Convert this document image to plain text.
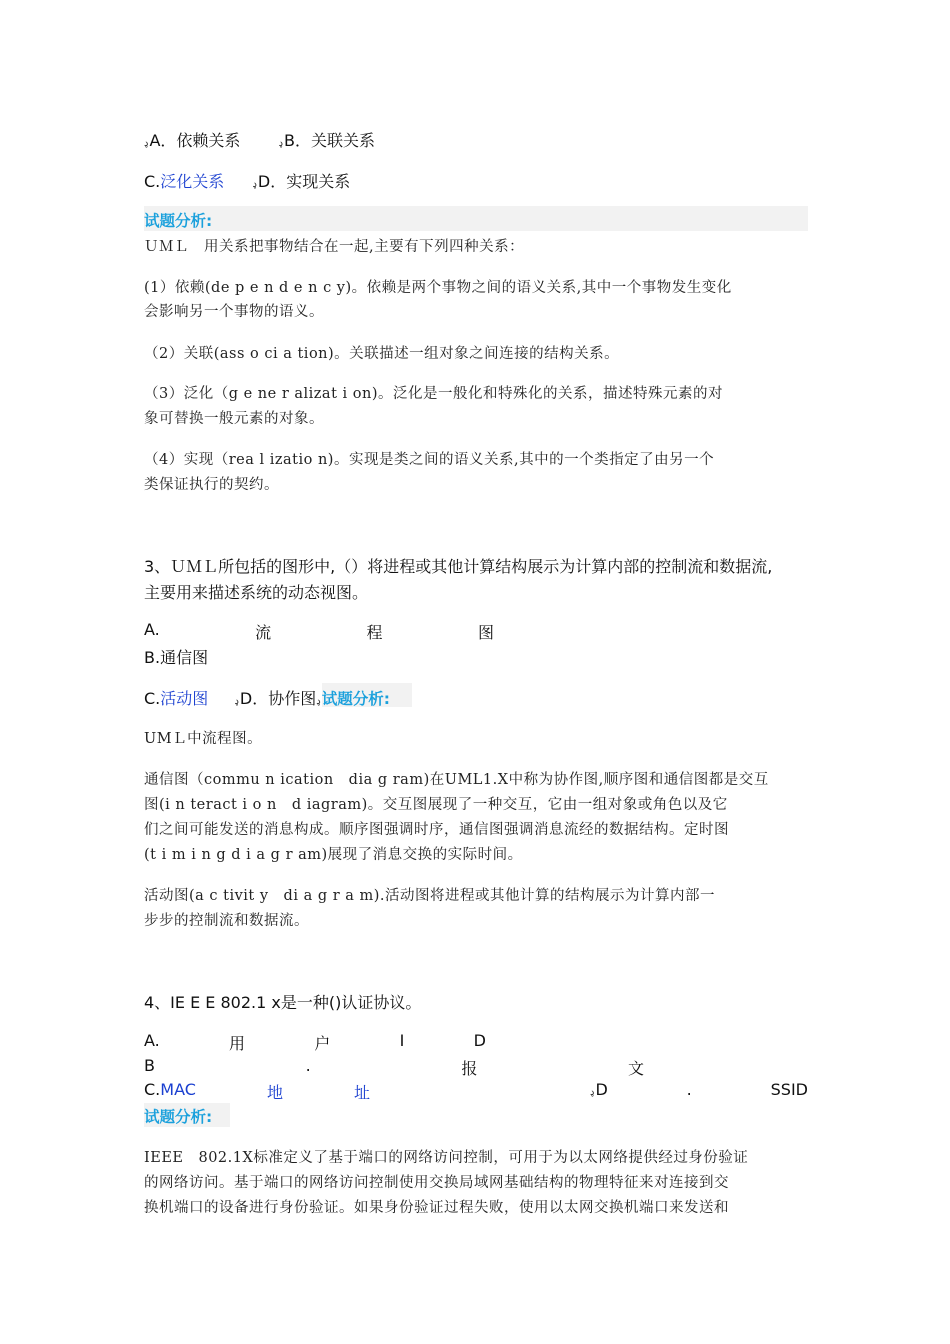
ډA．依赖关系	ډB．关联关系
C.泛化关系	ډD．实现关系
试题分析:
ＵＭＬ　用关系把事物结合在一起,主要有下列四种关系：
(1）依赖(de p e n d e n c y)。依赖是两个事物之间的语义关系,其中一个事物发生变化
会影响另一个事物的语义。
（2）关联(ass o ci a tion)。关联描述一组对象之间连接的结构关系。
（3）泛化（g e ne r alizat i on)。泛化是一般化和特殊化的关系，描述特殊元素的对
象可替换一般元素的对象。
（4）实现（rea l izatio n)。实现是类之间的语义关系,其中的一个类指定了由另一个
类保证执行的契约。
3、ＵＭＬ所包括的图形中,（）将进程或其他计算结构展示为计算内部的控制流和数据流,
主要用来描述系统的动态视图。
A.	流	程	图
B.通信图
C.活动图	ډD．协作图ډ试题分析:
UMＬ中流程图。
通信图（commu n ication　dia g ram)在UML1.X中称为协作图,顺序图和通信图都是交互
图(i n teract i o n　d iagram)。交互图展现了一种交互，它由一组对象或角色以及它
们之间可能发送的消息构成。顺序图强调时序，通信图强调消息流经的数据结构。定时图
(t i m i n g d i a g r am)展现了消息交换的实际时间。
活动图(a c tivit y　di a g r a m).活动图将进程或其他计算的结构展示为计算内部一
步步的控制流和数据流。
4、IE E E 802.1 x是一种()认证协议。
A.	用	户	I	D
B	.	报	文
C.MAC	地	址	ډD	.	SSID
试题分析:
IEEE　802.1X标准定义了基于端口的网络访问控制，可用于为以太网络提供经过身份验证
的网络访问。基于端口的网络访问控制使用交换局域网基础结构的物理特征来对连接到交
换机端口的设备进行身份验证。如果身份验证过程失败，使用以太网交换机端口来发送和
